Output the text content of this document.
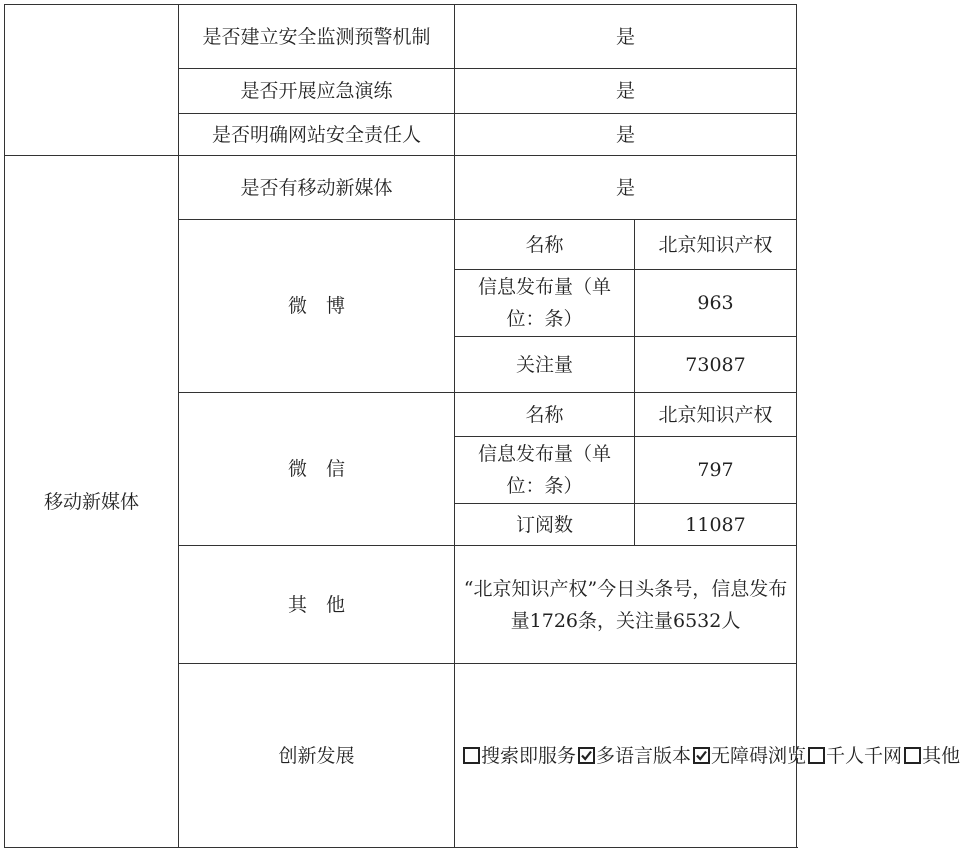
	是否建立安全监测预警机制	是	
	是否开展应急演练	是	
	是否明确网站安全责任人	是	
移动新媒体	是否有移动新媒体	是	
	微　博	名称	北京知识产权
		信息发布量（单位：条）	963
		关注量	73087
	微　信	名称	北京知识产权
		信息发布量（单位：条）	797
		订阅数	11087
	其　他	“北京知识产权”今日头条号，信息发布量1726条，关注量6532人	
	创新发展	搜索即服务 多语言版本 无障碍浏览 千人千网 其他	
